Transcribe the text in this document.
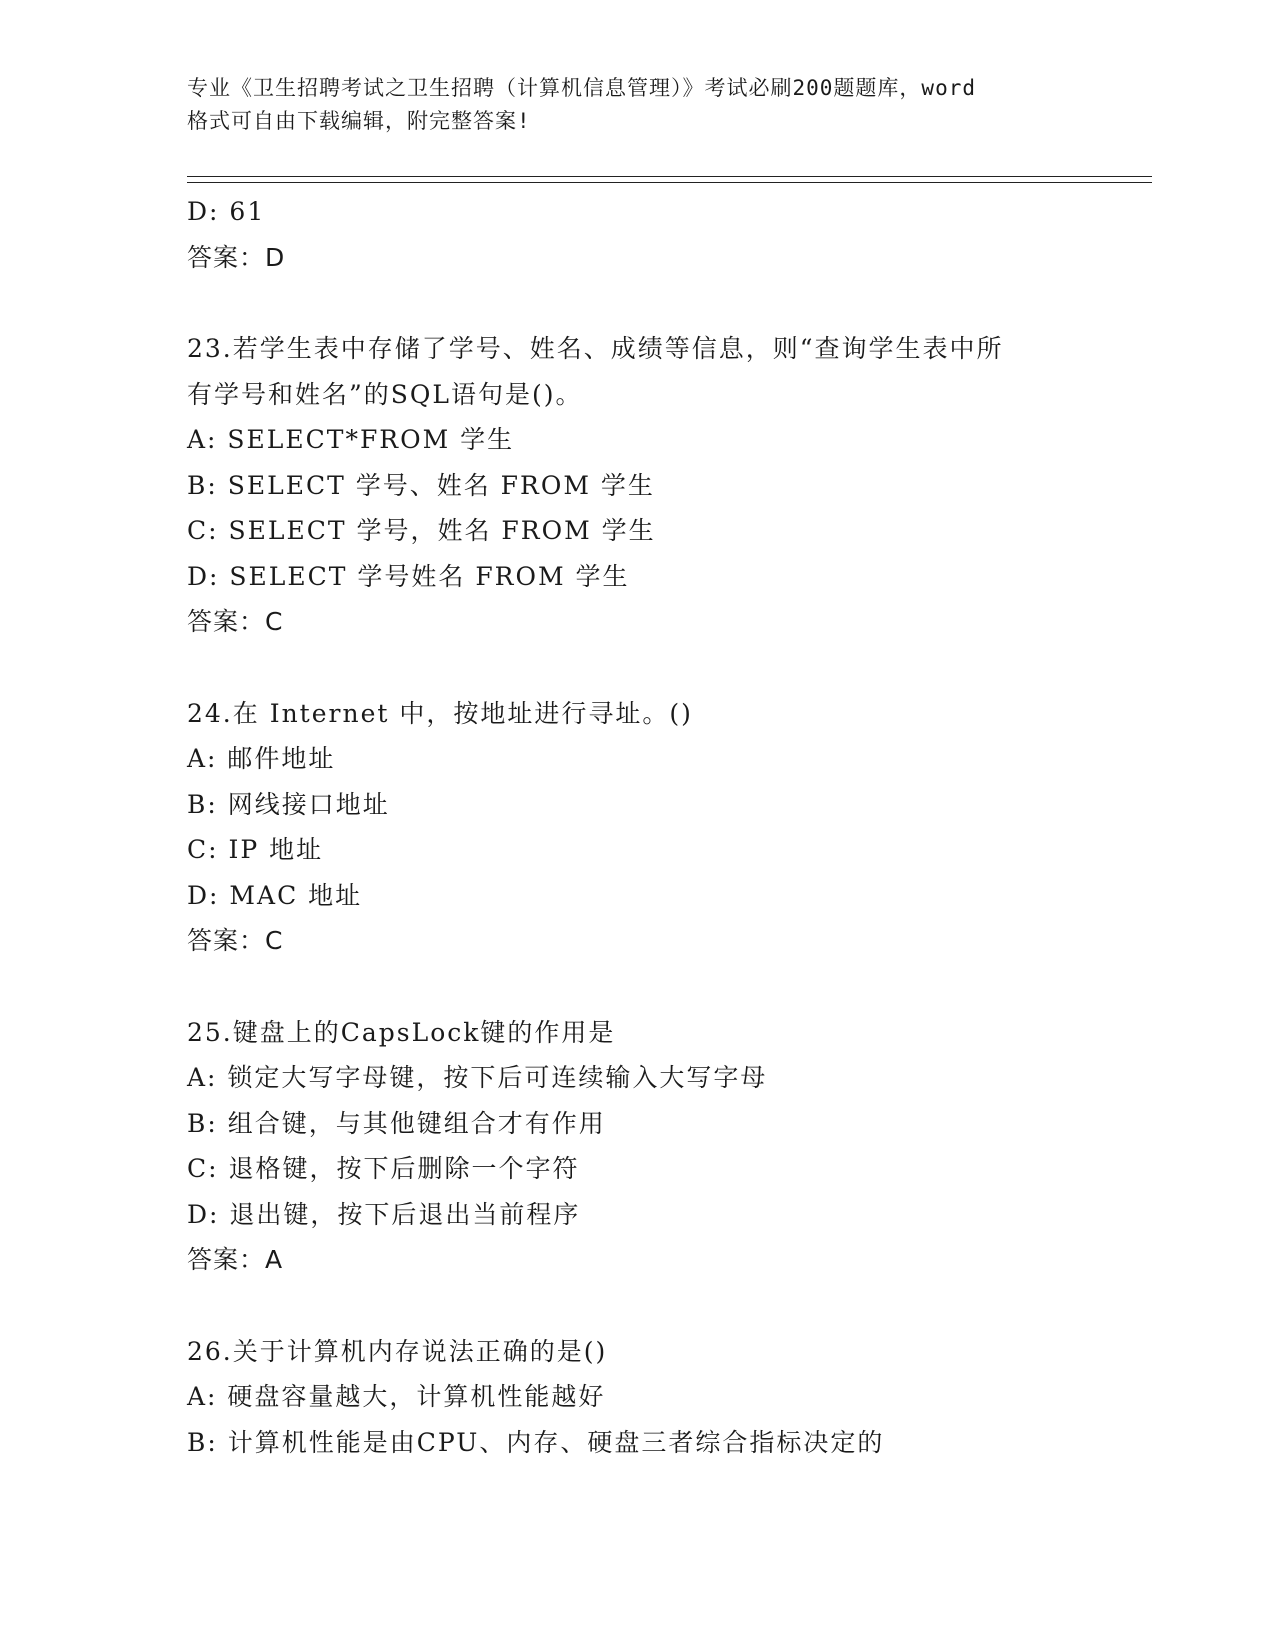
专业《卫生招聘考试之卫生招聘（计算机信息管理）》考试必刷200题题库，word
格式可自由下载编辑，附完整答案!
D: 61
答案：D
23.若学生表中存储了学号、姓名、成绩等信息，则“查询学生表中所
有学号和姓名”的SQL语句是()。
A: SELECT*FROM 学生
B: SELECT 学号、姓名 FROM 学生
C: SELECT 学号，姓名 FROM 学生
D: SELECT 学号姓名 FROM 学生
答案：C
24.在 Internet 中，按地址进行寻址。()
A: 邮件地址
B: 网线接口地址
C: IP 地址
D: MAC 地址
答案：C
25.键盘上的CapsLock键的作用是
A: 锁定大写字母键，按下后可连续输入大写字母
B: 组合键，与其他键组合才有作用
C: 退格键，按下后删除一个字符
D: 退出键，按下后退出当前程序
答案：A
26.关于计算机内存说法正确的是()
A: 硬盘容量越大，计算机性能越好
B: 计算机性能是由CPU、内存、硬盘三者综合指标决定的
